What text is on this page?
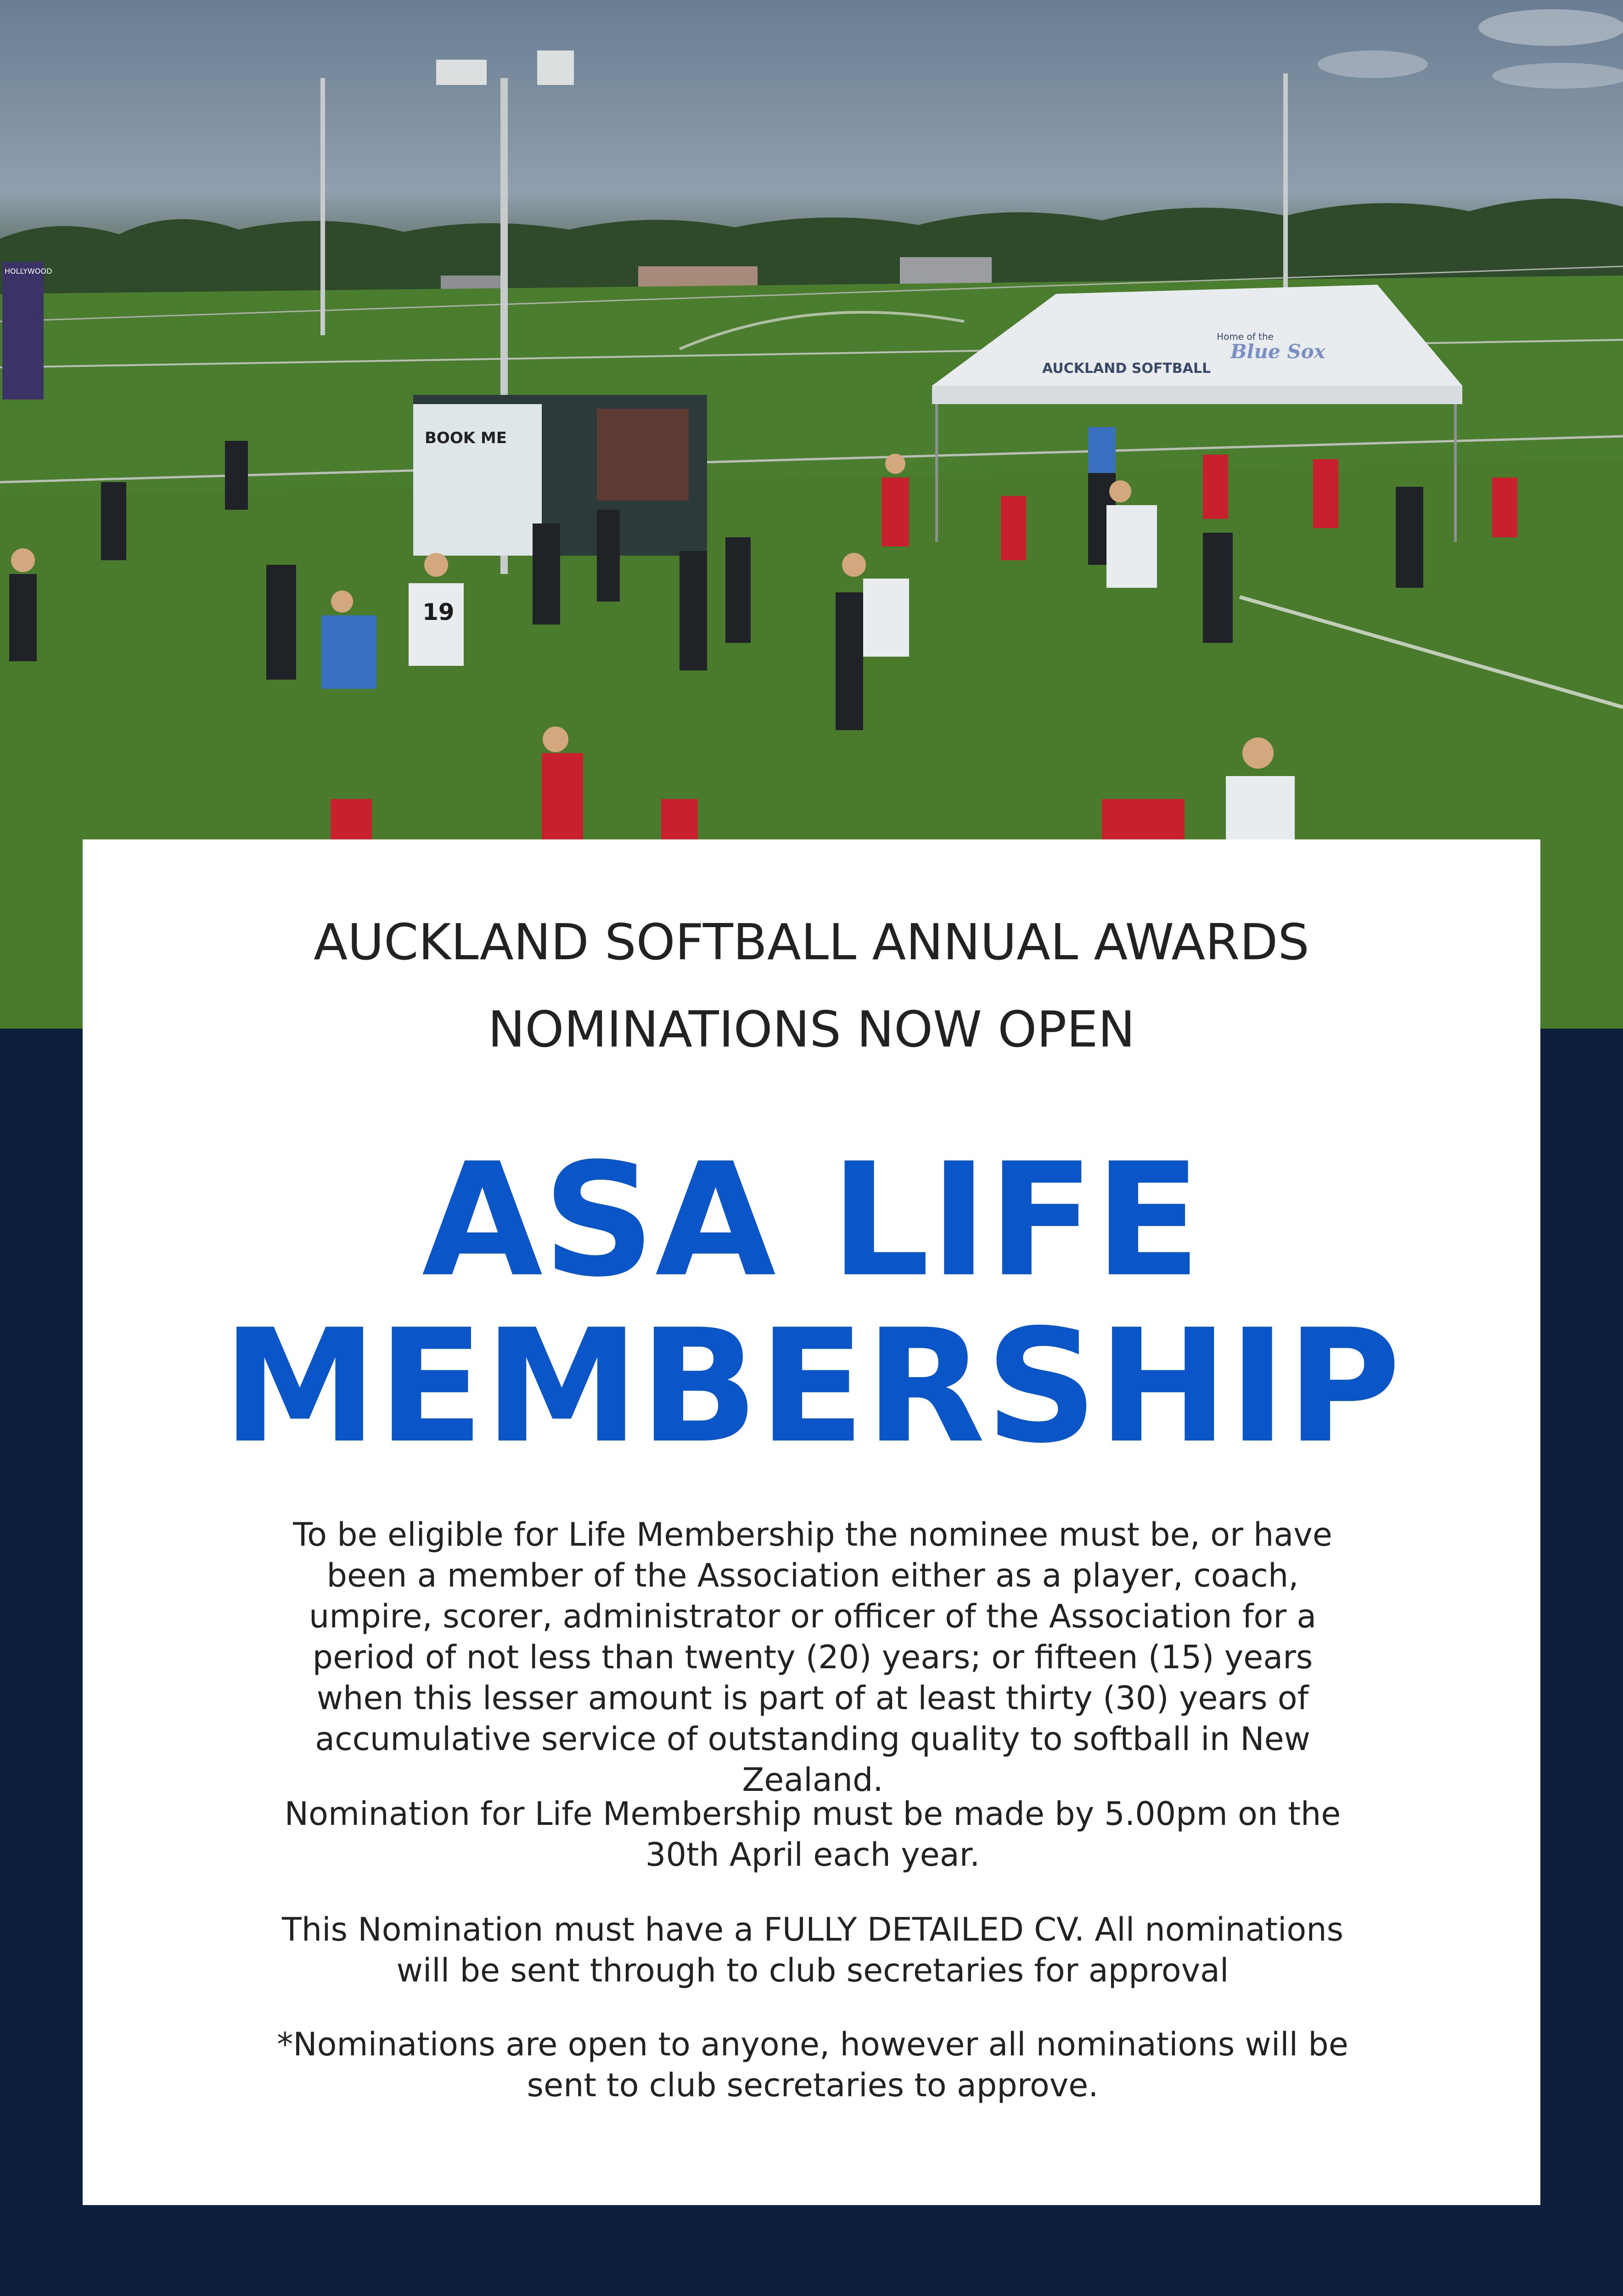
HOLLYWOOD
BOOK ME
AUCKLAND SOFTBALL
Home of the
Blue Sox
19
AUCKLAND SOFTBALL ANNUAL AWARDS
NOMINATIONS NOW OPEN
ASA LIFE
MEMBERSHIP
To be eligible for Life Membership the nominee must be, or have been a member of the Association either as a player, coach, umpire, scorer, administrator or officer of the Association for a period of not less than twenty (20) years; or fifteen (15) years when this lesser amount is part of at least thirty (30) years of accumulative service of outstanding quality to softball in New Zealand.
Nomination for Life Membership must be made by 5.00pm on the 30th April each year.
This Nomination must have a FULLY DETAILED CV. All nominations will be sent through to club secretaries for approval
*Nominations are open to anyone, however all nominations will be sent to club secretaries to approve.
